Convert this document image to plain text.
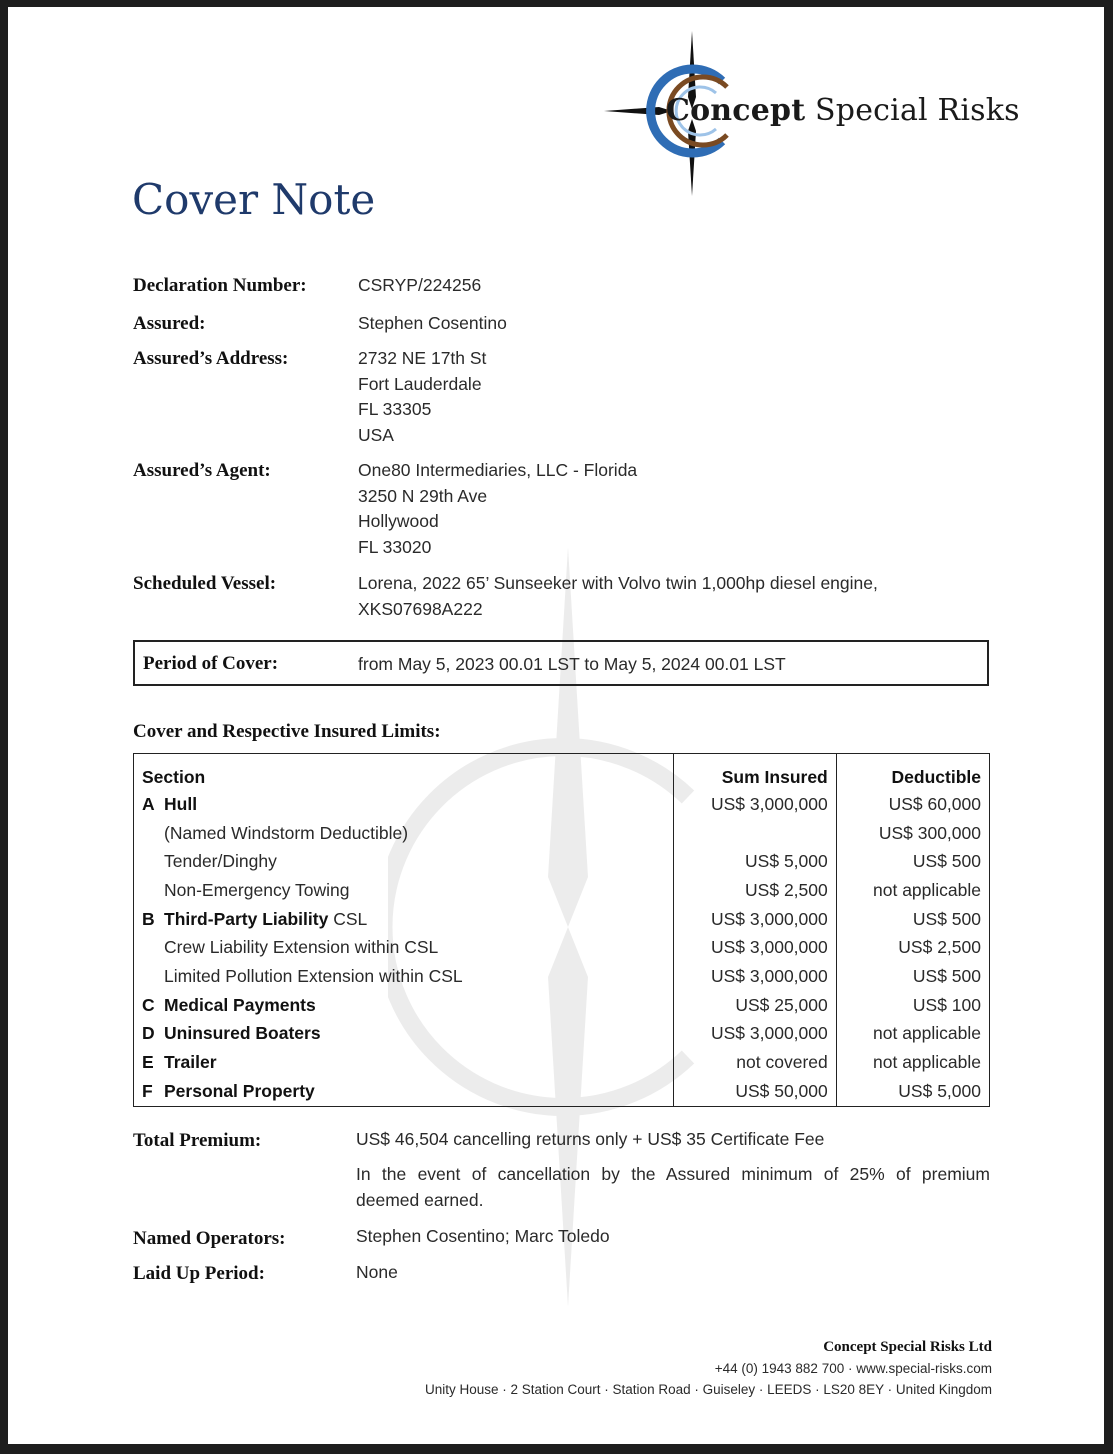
Concept Special Risks
Cover Note
Declaration Number:	CSRYP/224256
Assured:	Stephen Cosentino
Assured’s Address:	2732 NE 17th St
Fort Lauderdale
FL 33305
USA
Assured’s Agent:	One80 Intermediaries, LLC - Florida
3250 N 29th Ave
Hollywood
FL 33020
Scheduled Vessel:	Lorena, 2022 65’ Sunseeker with Volvo twin 1,000hp diesel engine,
XKS07698A222
Period of Cover:	from May 5, 2023 00.01 LST to May 5, 2024 00.01 LST
Cover and Respective Insured Limits:
Section	Sum Insured	Deductible
A Hull	US$ 3,000,000	US$ 60,000
(Named Windstorm Deductible)		US$ 300,000
Tender/Dinghy	US$ 5,000	US$ 500
Non-Emergency Towing	US$ 2,500	not applicable
B Third-Party Liability CSL	US$ 3,000,000	US$ 500
Crew Liability Extension within CSL	US$ 3,000,000	US$ 2,500
Limited Pollution Extension within CSL	US$ 3,000,000	US$ 500
C Medical Payments	US$ 25,000	US$ 100
D Uninsured Boaters	US$ 3,000,000	not applicable
E Trailer	not covered	not applicable
F Personal Property	US$ 50,000	US$ 5,000
Total Premium:	US$ 46,504 cancelling returns only + US$ 35 Certificate Fee
In the event of cancellation by the Assured minimum of 25% of premium
deemed earned.
Named Operators:	Stephen Cosentino; Marc Toledo
Laid Up Period:	None
Concept Special Risks Ltd
+44 (0) 1943 882 700 · www.special-risks.com
Unity House · 2 Station Court · Station Road · Guiseley · LEEDS · LS20 8EY · United Kingdom
